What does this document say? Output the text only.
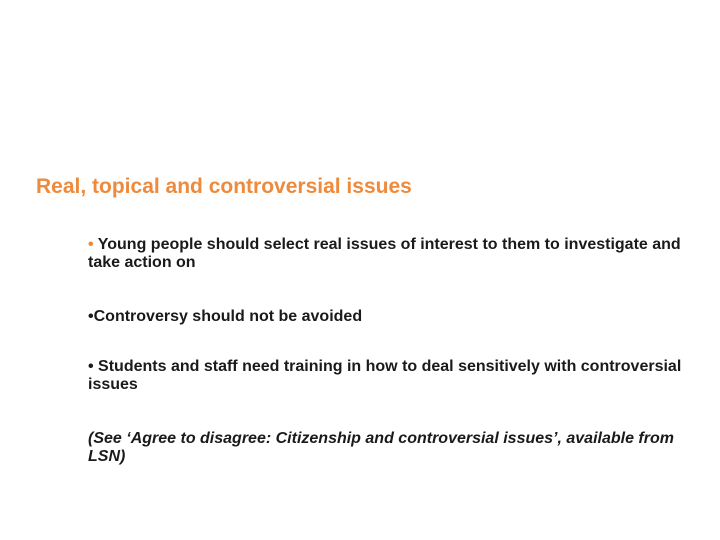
Real, topical and controversial issues
• Young people should select real issues of interest to them to investigate and take action on
•Controversy should not be avoided
• Students and staff need training in how to deal sensitively with controversial issues
(See ‘Agree to disagree: Citizenship and controversial issues’, available from LSN)
